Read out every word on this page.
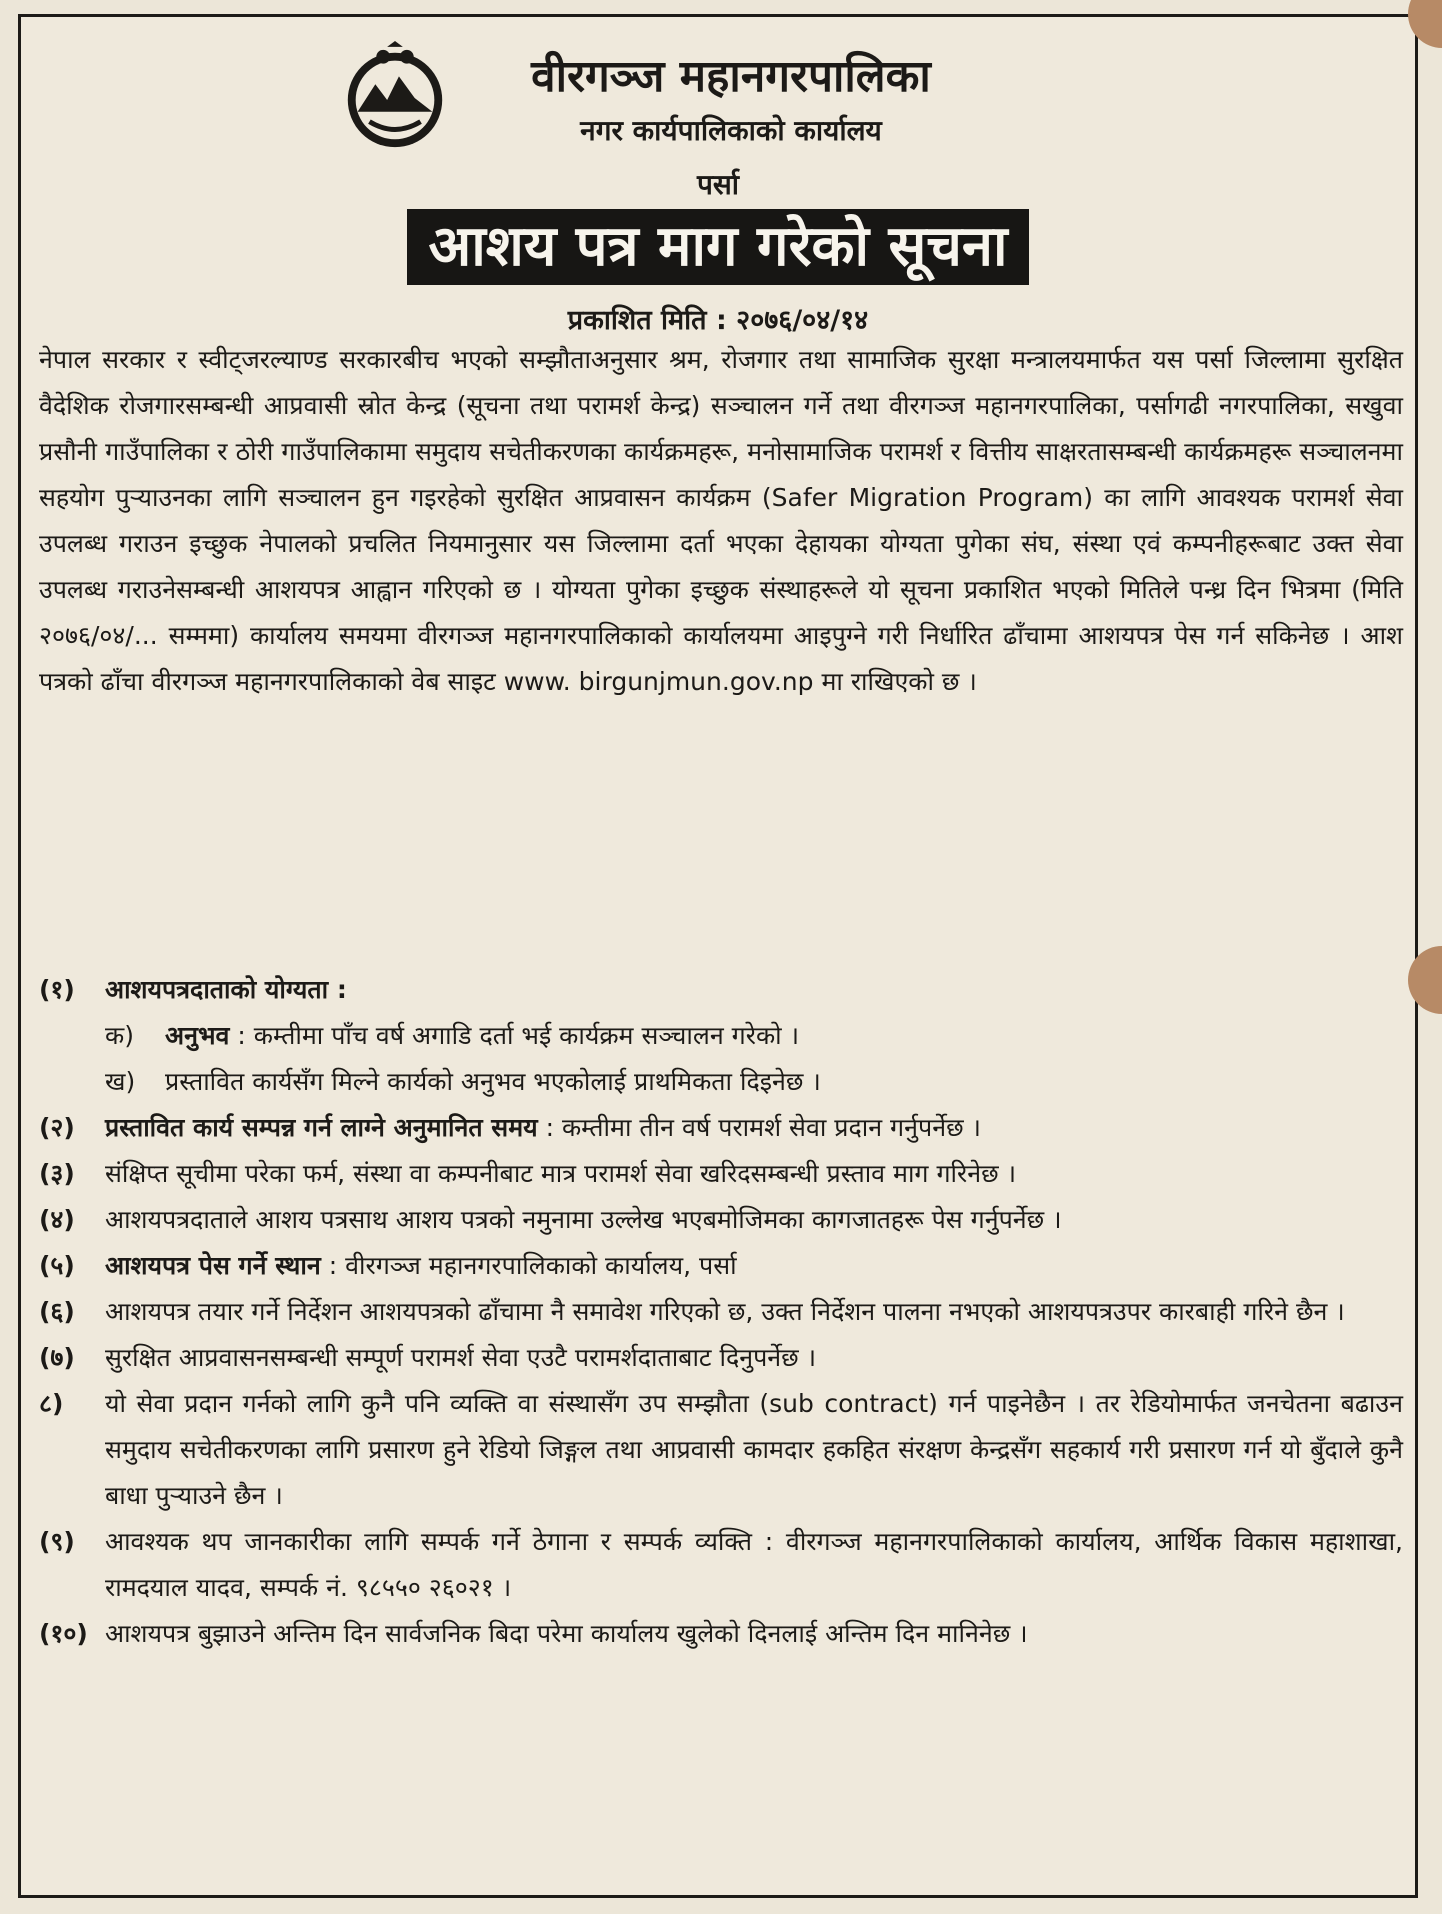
वीरगञ्ज महानगरपालिका
नगर कार्यपालिकाको कार्यालय
पर्सा
आशय पत्र माग गरेको सूचना
प्रकाशित मिति : २०७६/०४/१४

नेपाल सरकार र स्वीट्जरल्याण्ड सरकारबीच भएको सम्झौताअनुसार श्रम, रोजगार तथा सामाजिक सुरक्षा मन्त्रालयमार्फत यस पर्सा जिल्लामा सुरक्षित वैदेशिक रोजगारसम्बन्धी आप्रवासी स्रोत केन्द्र (सूचना तथा परामर्श केन्द्र) सञ्चालन गर्ने तथा वीरगञ्ज महानगरपालिका, पर्सागढी नगरपालिका, सखुवा प्रसौनी गाउँपालिका र ठोरी गाउँपालिकामा समुदाय सचेतीकरणका कार्यक्रमहरू, मनोसामाजिक परामर्श र वित्तीय साक्षरतासम्बन्धी कार्यक्रमहरू सञ्चालनमा सहयोग पुऱ्याउनका लागि सञ्चालन हुन गइरहेको सुरक्षित आप्रवासन कार्यक्रम (Safer Migration Program) का लागि आवश्यक परामर्श सेवा उपलब्ध गराउन इच्छुक नेपालको प्रचलित नियमानुसार यस जिल्लामा दर्ता भएका देहायका योग्यता पुगेका संघ, संस्था एवं कम्पनीहरूबाट उक्त सेवा उपलब्ध गराउनेसम्बन्धी आशयपत्र आह्वान गरिएको छ । योग्यता पुगेका इच्छुक संस्थाहरूले यो सूचना प्रकाशित भएको मितिले पन्ध्र दिन भित्रमा (मिति २०७६/०४/... सम्ममा) कार्यालय समयमा वीरगञ्ज महानगरपालिकाको कार्यालयमा आइपुग्ने गरी निर्धारित ढाँचामा आशयपत्र पेस गर्न सकिनेछ । आश पत्रको ढाँचा वीरगञ्ज महानगरपालिकाको वेब साइट www. birgunjmun.gov.np मा राखिएको छ ।

(१)	आशयपत्रदाताको योग्यता :
क)	अनुभव : कम्तीमा पाँच वर्ष अगाडि दर्ता भई कार्यक्रम सञ्चालन गरेको ।
ख)	प्रस्तावित कार्यसँग मिल्ने कार्यको अनुभव भएकोलाई प्राथमिकता दिइनेछ ।
(२)	प्रस्तावित कार्य सम्पन्न गर्न लाग्ने अनुमानित समय : कम्तीमा तीन वर्ष परामर्श सेवा प्रदान गर्नुपर्नेछ ।
(३)	संक्षिप्त सूचीमा परेका फर्म, संस्था वा कम्पनीबाट मात्र परामर्श सेवा खरिदसम्बन्धी प्रस्ताव माग गरिनेछ ।
(४)	आशयपत्रदाताले आशय पत्रसाथ आशय पत्रको नमुनामा उल्लेख भएबमोजिमका कागजातहरू पेस गर्नुपर्नेछ ।
(५)	आशयपत्र पेस गर्ने स्थान : वीरगञ्ज महानगरपालिकाको कार्यालय, पर्सा
(६)	आशयपत्र तयार गर्ने निर्देशन आशयपत्रको ढाँचामा नै समावेश गरिएको छ, उक्त निर्देशन पालना नभएको आशयपत्रउपर कारबाही गरिने छैन ।
(७)	सुरक्षित आप्रवासनसम्बन्धी सम्पूर्ण परामर्श सेवा एउटै परामर्शदाताबाट दिनुपर्नेछ ।
८)	यो सेवा प्रदान गर्नको लागि कुनै पनि व्यक्ति वा संस्थासँग उप सम्झौता (sub contract) गर्न पाइनेछैन । तर रेडियोमार्फत जनचेतना बढाउन समुदाय सचेतीकरणका लागि प्रसारण हुने रेडियो जिङ्गल तथा आप्रवासी कामदार हकहित संरक्षण केन्द्रसँग सहकार्य गरी प्रसारण गर्न यो बुँदाले कुनै बाधा पुऱ्याउने छैन ।
(९)	आवश्यक थप जानकारीका लागि सम्पर्क गर्ने ठेगाना र सम्पर्क व्यक्ति : वीरगञ्ज महानगरपालिकाको कार्यालय, आर्थिक विकास महाशाखा, रामदयाल यादव, सम्पर्क नं. ९८५५० २६०२१ ।
(१०) आशयपत्र बुझाउने अन्तिम दिन सार्वजनिक बिदा परेमा कार्यालय खुलेको दिनलाई अन्तिम दिन मानिनेछ ।
